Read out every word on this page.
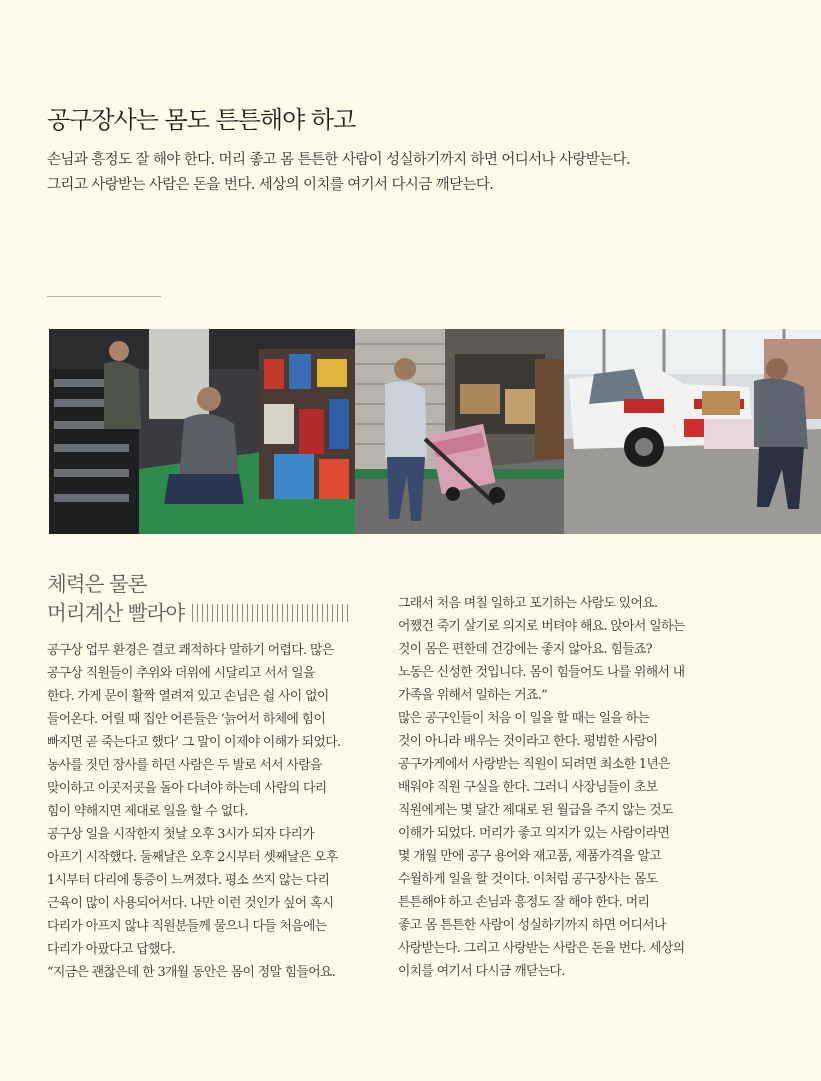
공구장사는 몸도 튼튼해야 하고

손님과 흥정도 잘 해야 한다. 머리 좋고 몸 튼튼한 사람이 성실하기까지 하면 어디서나 사랑받는다.

그리고 사랑받는 사람은 돈을 번다. 세상의 이치를 여기서 다시금 깨닫는다.

체력은 물론
머리계산 빨라야

공구상 업무 환경은 결코 쾌적하다 말하기 어렵다. 많은

공구상 직원들이 추위와 더위에 시달리고 서서 일을

한다. 가게 문이 활짝 열려져 있고 손님은 쉴 사이 없이

들어온다. 어릴 때 집안 어른들은 ‘늙어서 하체에 힘이

빠지면 곧 죽는다고 했다’ 그 말이 이제야 이해가 되었다.

농사를 짓던 장사를 하던 사람은 두 발로 서서 사람을

맞이하고 이곳저곳을 돌아 다녀야 하는데 사람의 다리

힘이 약해지면 제대로 일을 할 수 없다.

공구상 일을 시작한지 첫날 오후 3시가 되자 다리가

아프기 시작했다. 둘째날은 오후 2시부터 셋째날은 오후

1시부터 다리에 통증이 느껴졌다. 평소 쓰지 않는 다리

근육이 많이 사용되어서다. 나만 이런 것인가 싶어 혹시

다리가 아프지 않냐 직원분들께 물으니 다들 처음에는

다리가 아팠다고 답했다.

“지금은 괜찮은데 한 3개월 동안은 몸이 정말 힘들어요.

그래서 처음 며칠 일하고 포기하는 사람도 있어요.

어쨌건 죽기 살기로 의지로 버텨야 해요. 앉아서 일하는

것이 몸은 편한데 건강에는 좋지 않아요. 힘들죠?

노동은 신성한 것입니다. 몸이 힘들어도 나를 위해서 내

가족을 위해서 일하는 거죠.”

많은 공구인들이 처음 이 일을 할 때는 일을 하는

것이 아니라 배우는 것이라고 한다. 평범한 사람이

공구가게에서 사랑받는 직원이 되려면 최소한 1년은

배워야 직원 구실을 한다. 그러니 사장님들이 초보

직원에게는 몇 달간 제대로 된 월급을 주지 않는 것도

이해가 되었다. 머리가 좋고 의지가 있는 사람이라면

몇 개월 만에 공구 용어와 재고품, 제품가격을 알고

수월하게 일을 할 것이다. 이처럼 공구장사는 몸도

튼튼해야 하고 손님과 흥정도 잘 해야 한다. 머리

좋고 몸 튼튼한 사람이 성실하기까지 하면 어디서나

사랑받는다. 그리고 사랑받는 사람은 돈을 번다. 세상의

이치를 여기서 다시금 깨닫는다.
